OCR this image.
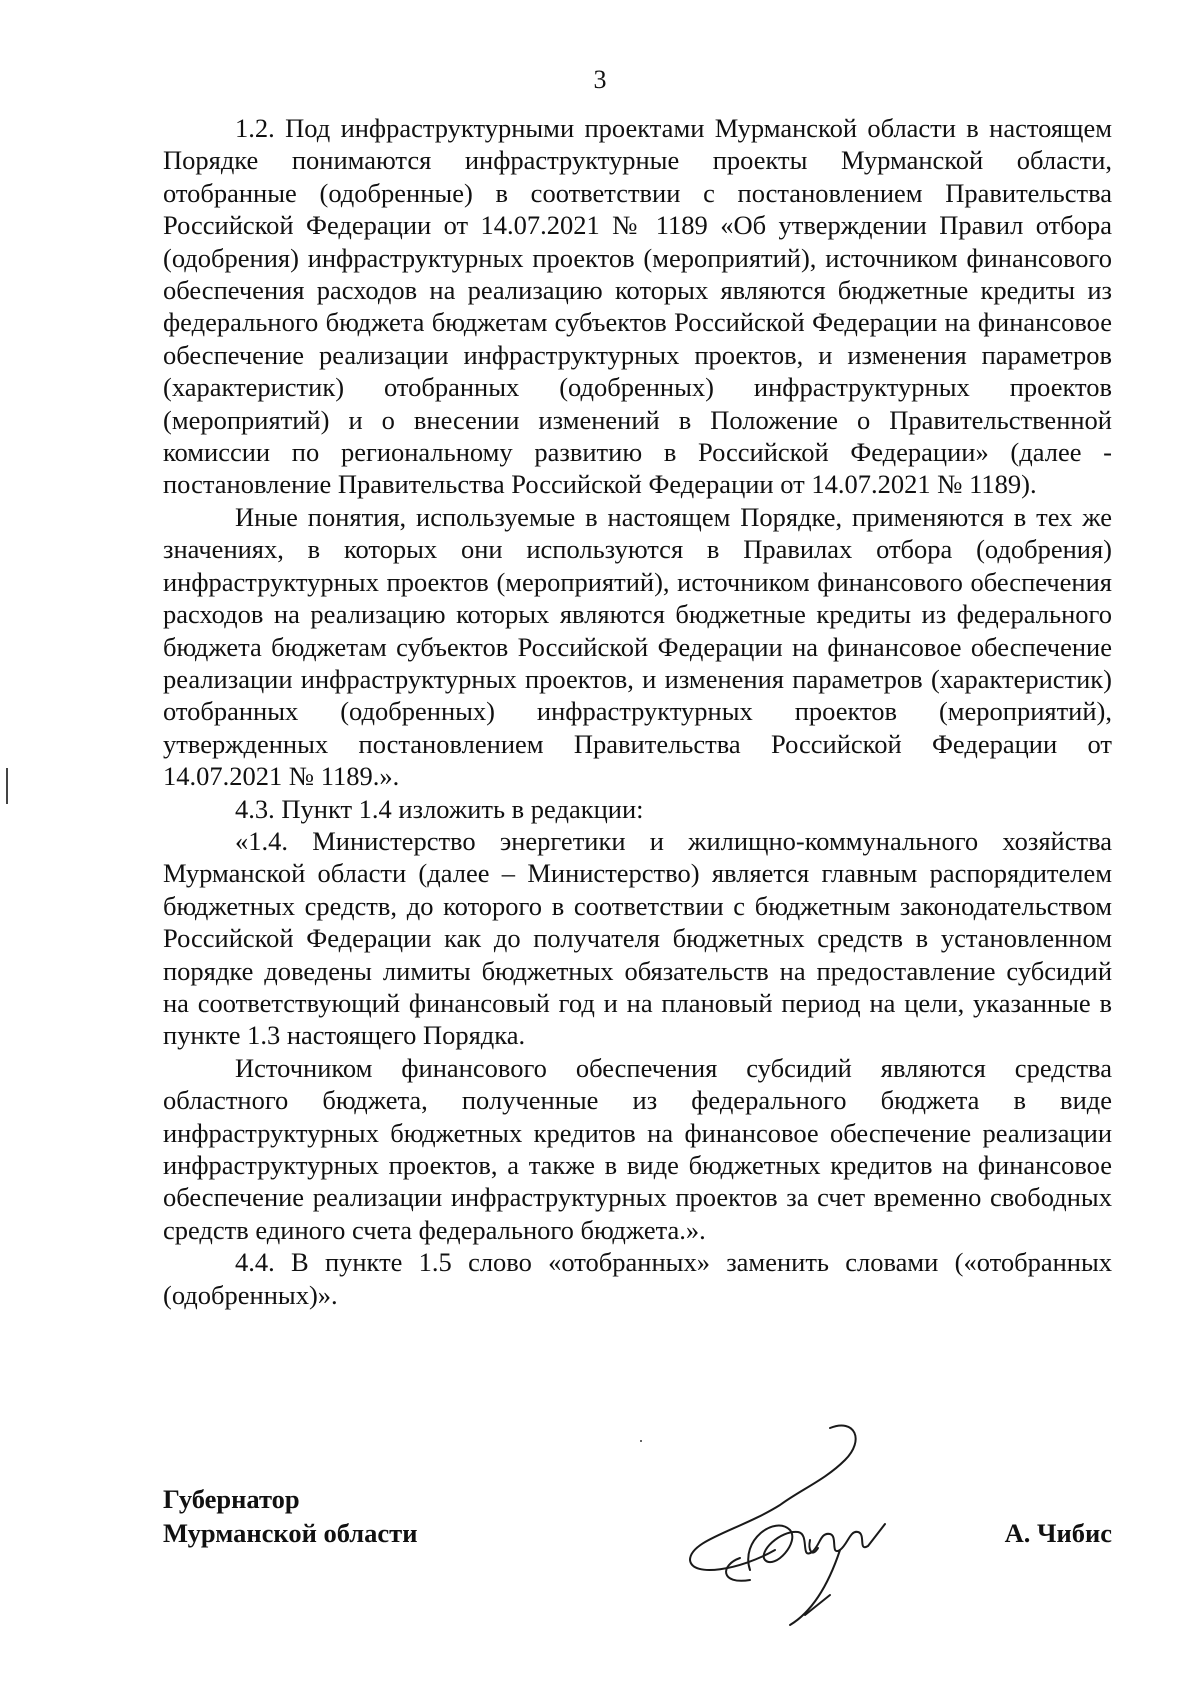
3

1.2. Под инфраструктурными проектами Мурманской области в настоящем Порядке понимаются инфраструктурные проекты Мурманской области, отобранные (одобренные) в соответствии с постановлением Правительства Российской Федерации от 14.07.2021 № 1189 «Об утверждении Правил отбора (одобрения) инфраструктурных проектов (мероприятий), источником финансового обеспечения расходов на реализацию которых являются бюджетные кредиты из федерального бюджета бюджетам субъектов Российской Федерации на финансовое обеспечение реализации инфраструктурных проектов, и изменения параметров (характеристик) отобранных (одобренных) инфраструктурных проектов (мероприятий) и о внесении изменений в Положение о Правительственной комиссии по региональному развитию в Российской Федерации» (далее - постановление Правительства Российской Федерации от 14.07.2021 № 1189).

Иные понятия, используемые в настоящем Порядке, применяются в тех же значениях, в которых они используются в Правилах отбора (одобрения) инфраструктурных проектов (мероприятий), источником финансового обеспечения расходов на реализацию которых являются бюджетные кредиты из федерального бюджета бюджетам субъектов Российской Федерации на финансовое обеспечение реализации инфраструктурных проектов, и изменения параметров (характеристик) отобранных (одобренных) инфраструктурных проектов (мероприятий), утвержденных постановлением Правительства Российской Федерации от 14.07.2021 № 1189.».

4.3. Пункт 1.4 изложить в редакции:

«1.4. Министерство энергетики и жилищно-коммунального хозяйства Мурманской области (далее – Министерство) является главным распорядителем бюджетных средств, до которого в соответствии с бюджетным законодательством Российской Федерации как до получателя бюджетных средств в установленном порядке доведены лимиты бюджетных обязательств на предоставление субсидий на соответствующий финансовый год и на плановый период на цели, указанные в пункте 1.3 настоящего Порядка.

Источником финансового обеспечения субсидий являются средства областного бюджета, полученные из федерального бюджета в виде инфраструктурных бюджетных кредитов на финансовое обеспечение реализации инфраструктурных проектов, а также в виде бюджетных кредитов на финансовое обеспечение реализации инфраструктурных проектов за счет временно свободных средств единого счета федерального бюджета.».

4.4. В пункте 1.5 слово «отобранных» заменить словами («отобранных (одобренных)».

Губернатор
Мурманской области	А. Чибис
